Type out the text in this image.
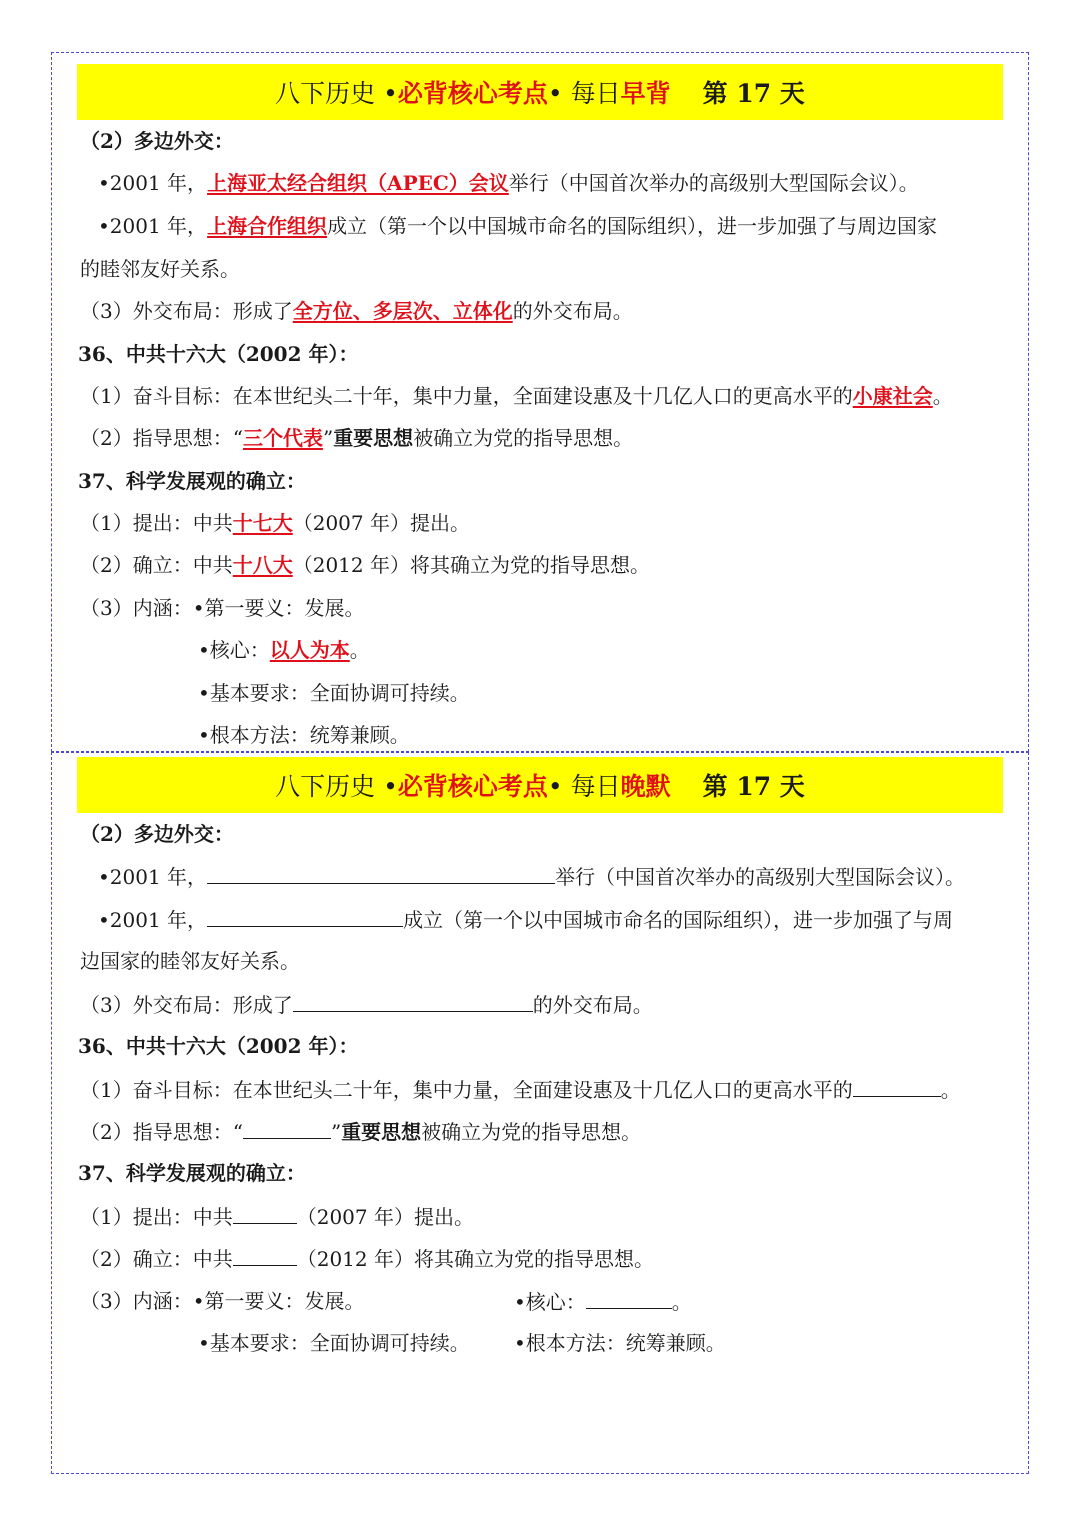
八下历史 • 必背核心考点 • 每日 早背 第 17 天
（2）多边外交：
•2001 年，上海亚太经合组织（APEC）会议举行（中国首次举办的高级别大型国际会议）。
•2001 年，上海合作组织成立（第一个以中国城市命名的国际组织），进一步加强了与周边国家
的睦邻友好关系。
（3）外交布局：形成了全方位、多层次、立体化的外交布局。
36、中共十六大（2002 年）：
（1）奋斗目标：在本世纪头二十年，集中力量，全面建设惠及十几亿人口的更高水平的小康社会。
（2）指导思想：“三个代表”重要思想被确立为党的指导思想。
37、科学发展观的确立：
（1）提出：中共十七大（2007 年）提出。
（2）确立：中共十八大（2012 年）将其确立为党的指导思想。
（3）内涵：•第一要义：发展。
•核心：以人为本。
•基本要求：全面协调可持续。
•根本方法：统筹兼顾。
八下历史 • 必背核心考点 • 每日 晚默 第 17 天
（2）多边外交：
•2001 年，	举行（中国首次举办的高级别大型国际会议）。
•2001 年，	成立（第一个以中国城市命名的国际组织），进一步加强了与周
边国家的睦邻友好关系。
（3）外交布局：形成了	的外交布局。
36、中共十六大（2002 年）：
（1）奋斗目标：在本世纪头二十年，集中力量，全面建设惠及十几亿人口的更高水平的	。
（2）指导思想：“	”重要思想被确立为党的指导思想。
37、科学发展观的确立：
（1）提出：中共	（2007 年）提出。
（2）确立：中共	（2012 年）将其确立为党的指导思想。
（3）内涵：•第一要义：发展。	•核心：	。
•基本要求：全面协调可持续。 •根本方法：统筹兼顾。
